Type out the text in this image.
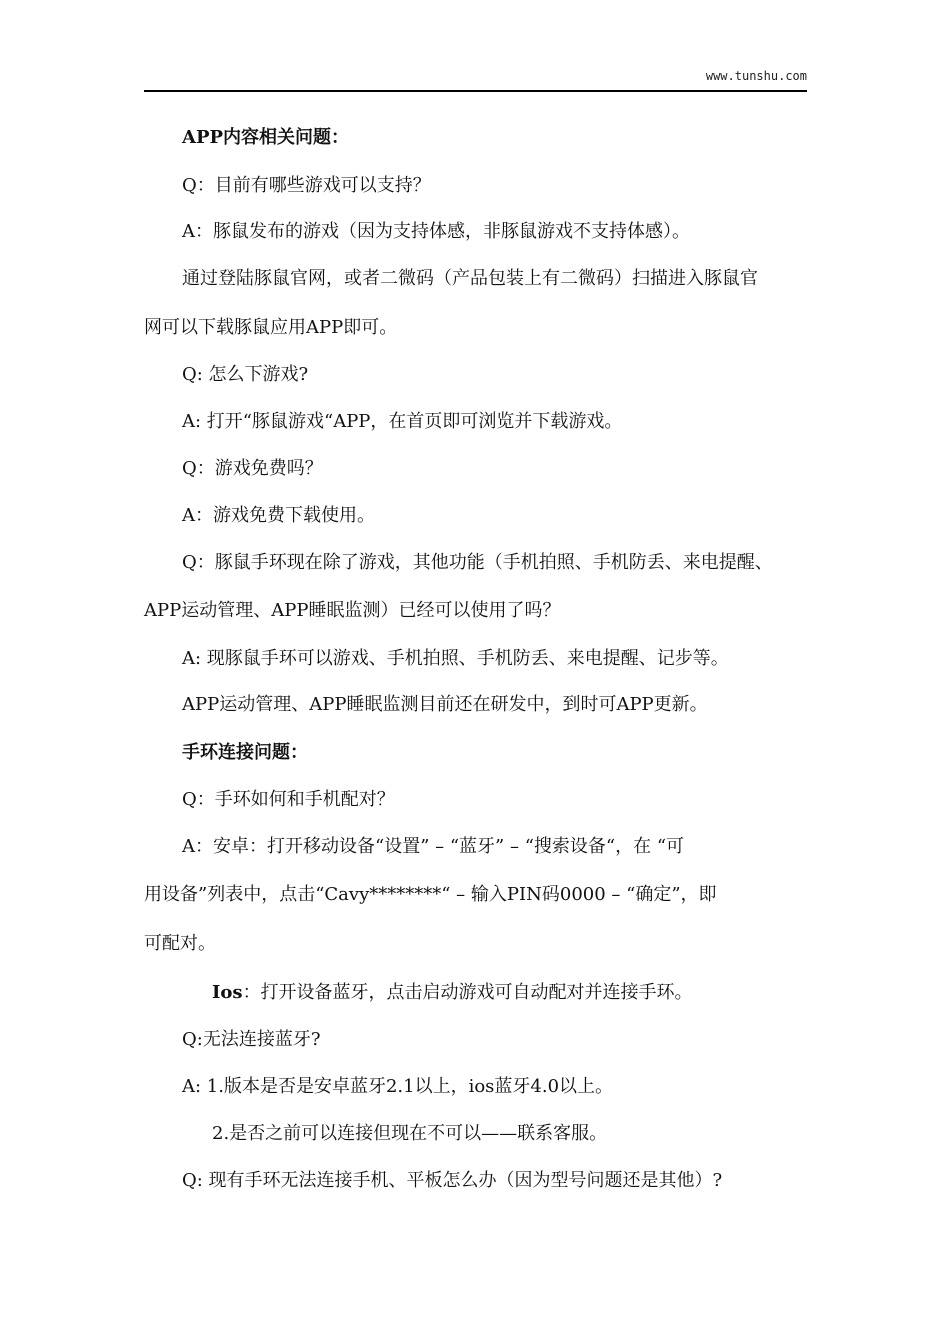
www.tunshu.com
APP内容相关问题：
Q：目前有哪些游戏可以支持？
A：豚鼠发布的游戏（因为支持体感，非豚鼠游戏不支持体感）。
通过登陆豚鼠官网，或者二微码（产品包装上有二微码）扫描进入豚鼠官
网可以下载豚鼠应用APP即可。
Q: 怎么下游戏?
A: 打开“豚鼠游戏“APP，在首页即可浏览并下载游戏。
Q：游戏免费吗？
A：游戏免费下载使用。
Q：豚鼠手环现在除了游戏，其他功能（手机拍照、手机防丢、来电提醒、
APP运动管理、APP睡眠监测）已经可以使用了吗？
A: 现豚鼠手环可以游戏、手机拍照、手机防丢、来电提醒、记步等。
APP运动管理、APP睡眠监测目前还在研发中，到时可APP更新。
手环连接问题：
Q：手环如何和手机配对？
A：安卓：打开移动设备“设置” – “蓝牙” – “搜索设备“，在 “可
用设备”列表中，点击“Cavy********“ – 输入PIN码0000 – “确定”，即
可配对。
Ios：打开设备蓝牙，点击启动游戏可自动配对并连接手环。
Q:无法连接蓝牙?
A: 1.版本是否是安卓蓝牙2.1以上，ios蓝牙4.0以上。
2.是否之前可以连接但现在不可以——联系客服。
Q: 现有手环无法连接手机、平板怎么办（因为型号问题还是其他）?
